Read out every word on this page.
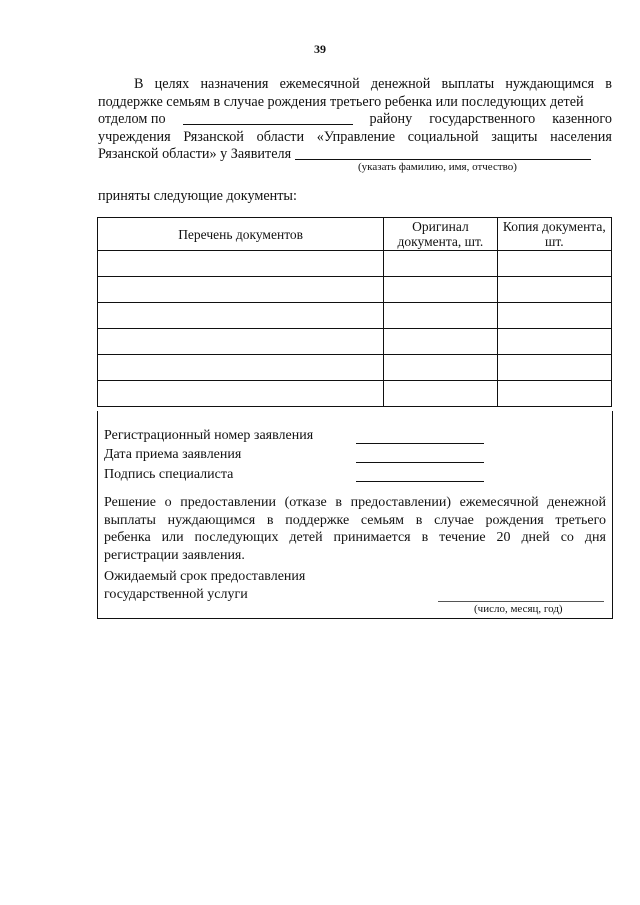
39
В целях назначения ежемесячной денежной выплаты нуждающимся в
поддержке семьям в случае рождения третьего ребенка или последующих детей
отделом по	району государственного казенного
учреждения Рязанской области «Управление социальной защиты населения
Рязанской области» у Заявителя
(указать фамилию, имя, отчество)
приняты следующие документы:
Перечень документов	Оригинал документа, шт.	Копия документа, шт.

Регистрационный номер заявления
Дата приема заявления
Подпись специалиста
Решение о предоставлении (отказе в предоставлении) ежемесячной денежной
выплаты нуждающимся в поддержке семьям в случае рождения третьего
ребенка или последующих детей принимается в течение 20 дней со дня
регистрации заявления.
Ожидаемый срок предоставления
государственной услуги
(число, месяц, год)
